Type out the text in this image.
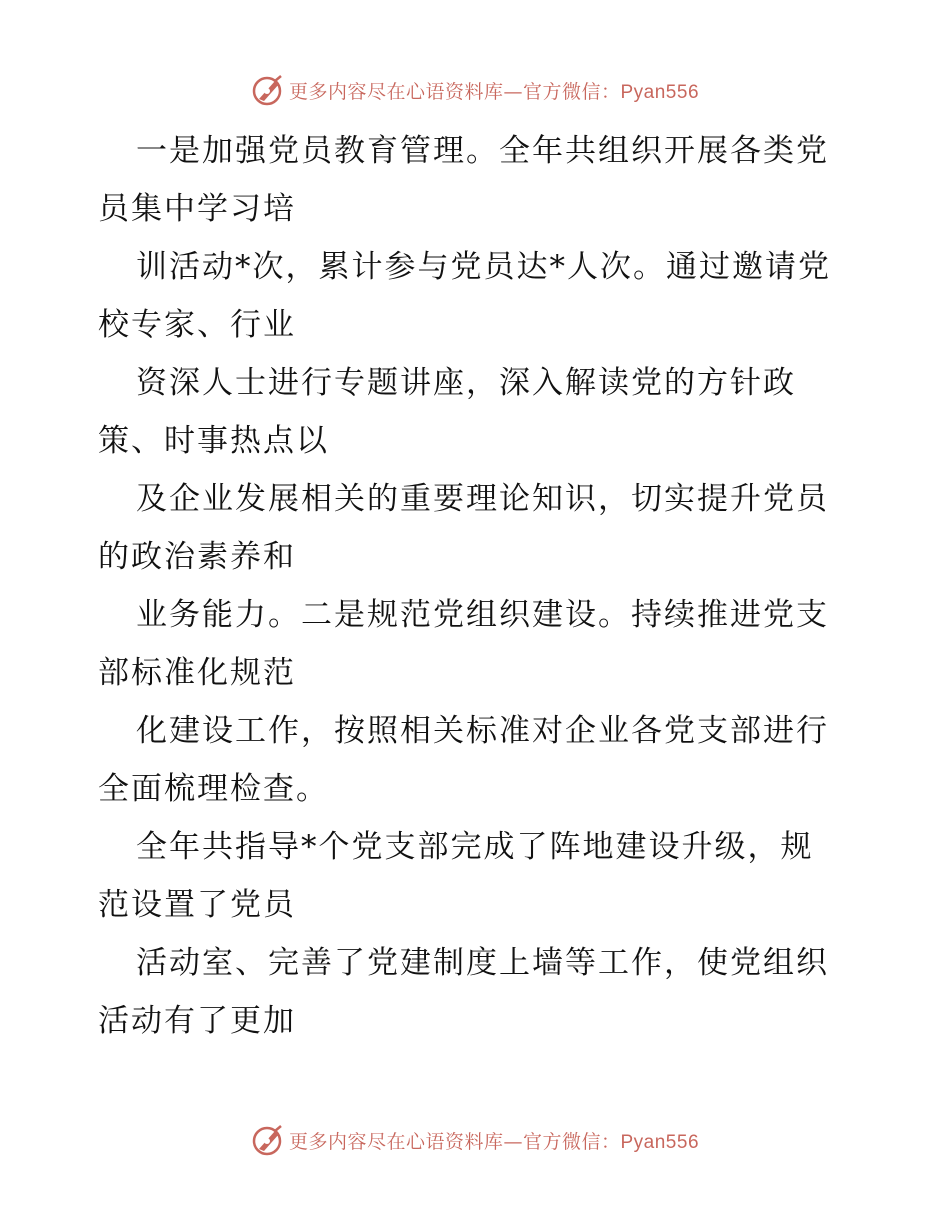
更多内容尽在心语资料库—官方微信：Pyan556
一是加强党员教育管理。全年共组织开展各类党
员集中学习培
训活动*次，累计参与党员达*人次。通过邀请党
校专家、行业
资深人士进行专题讲座，深入解读党的方针政
策、时事热点以
及企业发展相关的重要理论知识，切实提升党员
的政治素养和
业务能力。二是规范党组织建设。持续推进党支
部标准化规范
化建设工作，按照相关标准对企业各党支部进行
全面梳理检查。
全年共指导*个党支部完成了阵地建设升级，规
范设置了党员
活动室、完善了党建制度上墙等工作，使党组织
活动有了更加
更多内容尽在心语资料库—官方微信：Pyan556
